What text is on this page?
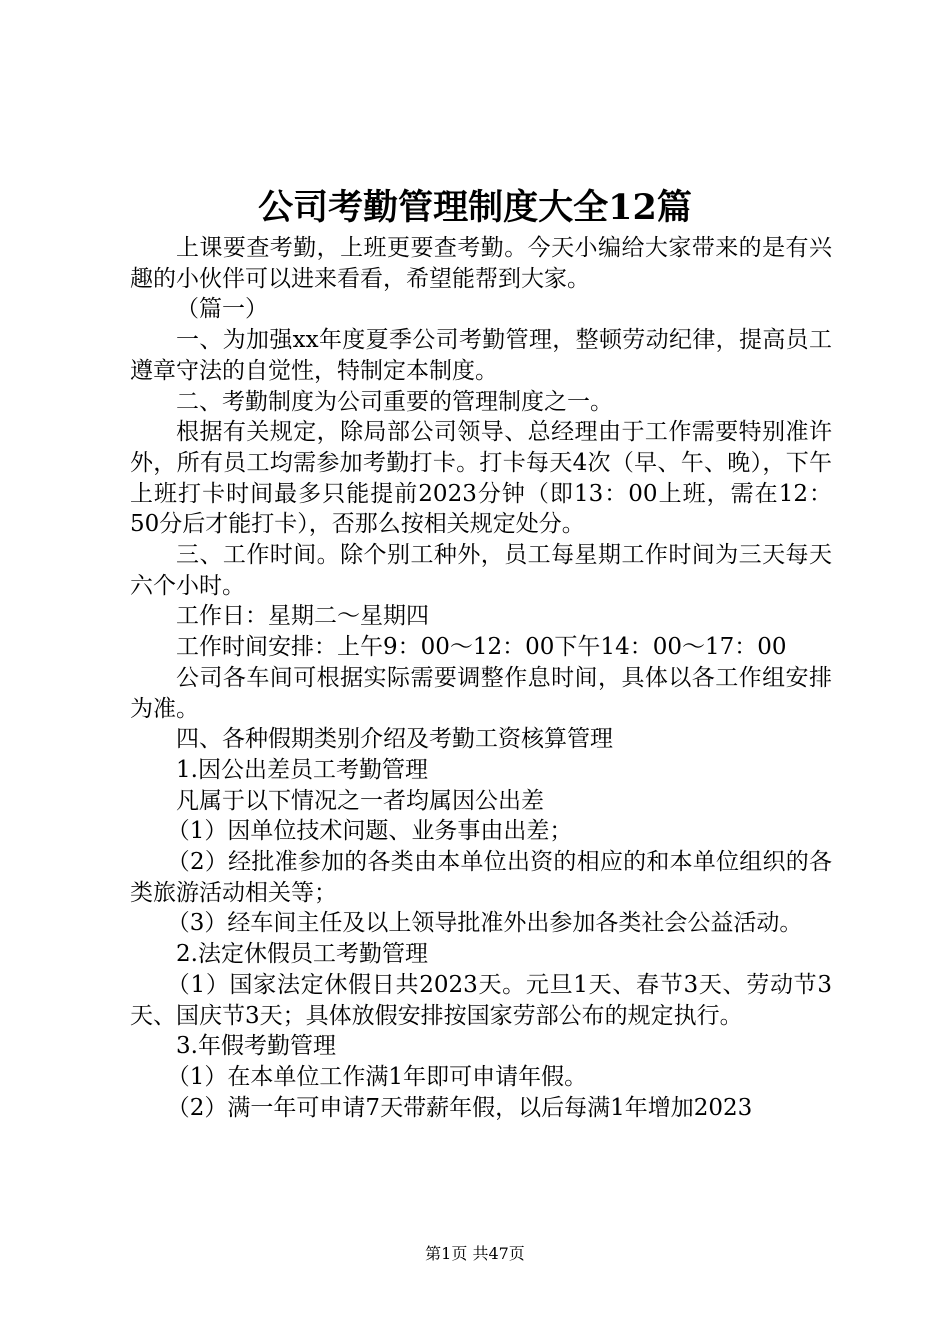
公司考勤管理制度大全12篇

上课要查考勤，上班更要查考勤。今天小编给大家带来的是有兴趣的小伙伴可以进来看看，希望能帮到大家。

（篇一）

一、为加强xx年度夏季公司考勤管理，整顿劳动纪律，提高员工遵章守法的自觉性，特制定本制度。

二、考勤制度为公司重要的管理制度之一。

根据有关规定，除局部公司领导、总经理由于工作需要特别准许外，所有员工均需参加考勤打卡。打卡每天4次（早、午、晚），下午上班打卡时间最多只能提前2023分钟（即13：00上班，需在12：50分后才能打卡），否那么按相关规定处分。

三、工作时间。除个别工种外，员工每星期工作时间为三天每天六个小时。

工作日：星期二～星期四

工作时间安排：上午9：00～12：00下午14：00～17：00

公司各车间可根据实际需要调整作息时间，具体以各工作组安排为准。

四、各种假期类别介绍及考勤工资核算管理

1.因公出差员工考勤管理

凡属于以下情况之一者均属因公出差

（1）因单位技术问题、业务事由出差；

（2）经批准参加的各类由本单位出资的相应的和本单位组织的各类旅游活动相关等；

（3）经车间主任及以上领导批准外出参加各类社会公益活动。

2.法定休假员工考勤管理

（1）国家法定休假日共2023天。元旦1天、春节3天、劳动节3天、国庆节3天；具体放假安排按国家劳部公布的规定执行。

3.年假考勤管理

（1）在本单位工作满1年即可申请年假。

（2）满一年可申请7天带薪年假，以后每满1年增加2023

第1页 共47页
